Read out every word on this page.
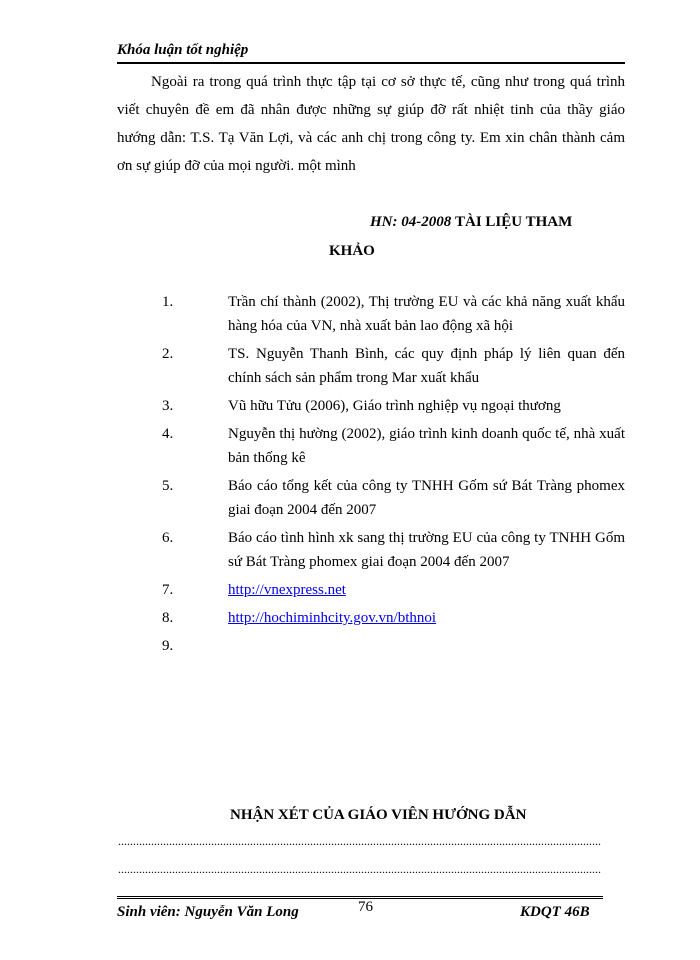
Khóa luận tốt nghiệp

Ngoài ra trong quá trình thực tập tại cơ sở thực tế, cũng như trong quá trình viết chuyên đề em đã nhân được những sự giúp đỡ rất nhiệt tinh của thầy giáo hướng dẫn: T.S. Tạ Văn Lợi, và các anh chị trong công ty. Em xin chân thành cảm ơn sự giúp đỡ của mọi người. một mình

HN: 04-2008 TÀI LIỆU THAM
KHẢO
1.	Trần chí thành (2002), Thị trường EU và các khả năng xuất khẩu hàng hóa của VN, nhà xuất bản lao động xã hội
2.	TS. Nguyễn Thanh Bình, các quy định pháp lý liên quan đến chính sách sản phẩm trong Mar xuất khẩu
3.	Vũ hữu Tửu (2006), Giáo trình nghiệp vụ ngoại thương
4.	Nguyễn thị hường (2002), giáo trình kinh doanh quốc tế, nhà xuất bản thống kê
5.	Báo cáo tổng kết của công ty TNHH Gốm sứ Bát Tràng phomex giai đoạn 2004 đến 2007
6.	Báo cáo tình hình xk sang thị trường EU của công ty TNHH Gốm sứ Bát Tràng phomex giai đoạn 2004 đến 2007
7.	http://vnexpress.net
8.	http://hochiminhcity.gov.vn/bthnoi
9.
NHẬN XÉT CỦA GIÁO VIÊN HƯỚNG DẪN
.................................................................................................................................................................
.................................................................................................................................................................
Sinh viên: Nguyễn Văn Long	76	KDQT 46B
